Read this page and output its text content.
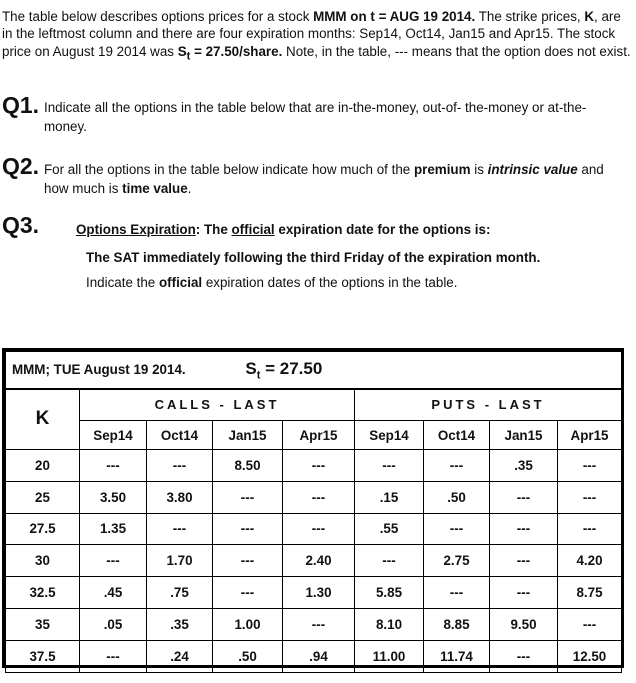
The table below describes options prices for a stock MMM on t = AUG 19 2014. The strike prices, K, are in the leftmost column and there are four expiration months: Sep14, Oct14, Jan15 and Apr15. The stock price on August 19 2014 was $S_t$ = 27.50/share. Note, in the table, --- means that the option does not exist.
Q1. Indicate all the options in the table below that are in-the-money, out-of- the-money or at-the-money.
Q2. For all the options in the table below indicate how much of the premium is intrinsic value and how much is time value.
Q3.	Options Expiration: The official expiration date for the options is:
The SAT immediately following the third Friday of the expiration month.
Indicate the official expiration dates of the options in the table.
MMM; TUE August 19 2014. $S_t = 27.50$								
K	CALLS - LAST				PUTS - LAST			
	Sep14	Oct14	Jan15	Apr15	Sep14	Oct14	Jan15	Apr15
20	---	---	8.50	---	---	---	.35	---
25	3.50	3.80	---	---	.15	.50	---	---
27.5	1.35	---	---	---	.55	---	---	---
30	---	1.70	---	2.40	---	2.75	---	4.20
32.5	.45	.75	---	1.30	5.85	---	---	8.75
35	.05	.35	1.00	---	8.10	8.85	9.50	---
37.5	---	.24	.50	.94	11.00	11.74	---	12.50
